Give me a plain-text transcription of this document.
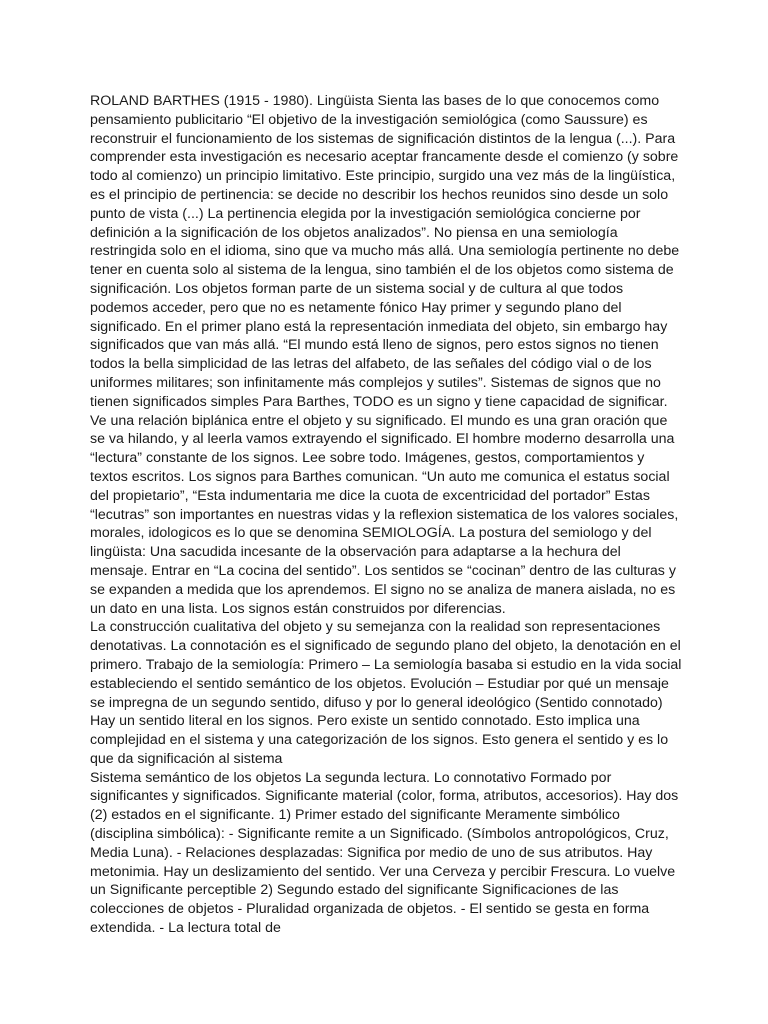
ROLAND BARTHES (1915 - 1980). Lingüista Sienta las bases de lo que conocemos como pensamiento publicitario “El objetivo de la investigación semiológica (como Saussure) es reconstruir el funcionamiento de los sistemas de significación distintos de la lengua (...). Para comprender esta investigación es necesario aceptar francamente desde el comienzo (y sobre todo al comienzo) un principio limitativo. Este principio, surgido una vez más de la lingüística, es el principio de pertinencia: se decide no describir los hechos reunidos sino desde un solo punto de vista (...) La pertinencia elegida por la investigación semiológica concierne por definición a la significación de los objetos analizados”. No piensa en una semiología restringida solo en el idioma, sino que va mucho más allá. Una semiología pertinente no debe tener en cuenta solo al sistema de la lengua, sino también el de los objetos como sistema de significación. Los objetos forman parte de un sistema social y de cultura al que todos podemos acceder, pero que no es netamente fónico Hay primer y segundo plano del significado. En el primer plano está la representación inmediata del objeto, sin embargo hay significados que van más allá. “El mundo está lleno de signos, pero estos signos no tienen todos la bella simplicidad de las letras del alfabeto, de las señales del código vial o de los uniformes militares; son infinitamente más complejos y sutiles”. Sistemas de signos que no tienen significados simples Para Barthes, TODO es un signo y tiene capacidad de significar. Ve una relación biplánica entre el objeto y su significado. El mundo es una gran oración que se va hilando, y al leerla vamos extrayendo el significado. El hombre moderno desarrolla una “lectura” constante de los signos. Lee sobre todo. Imágenes, gestos, comportamientos y textos escritos. Los signos para Barthes comunican. “Un auto me comunica el estatus social del propietario”, “Esta indumentaria me dice la cuota de excentricidad del portador” Estas “lecutras” son importantes en nuestras vidas y la reflexion sistematica de los valores sociales, morales, idologicos es lo que se denomina SEMIOLOGÍA. La postura del semiologo y del lingüista: Una sacudida incesante de la observación para adaptarse a la hechura del mensaje. Entrar en “La cocina del sentido”. Los sentidos se “cocinan” dentro de las culturas y se expanden a medida que los aprendemos. El signo no se analiza de manera aislada, no es un dato en una lista. Los signos están construidos por diferencias.

La construcción cualitativa del objeto y su semejanza con la realidad son representaciones denotativas. La connotación es el significado de segundo plano del objeto, la denotación en el primero. Trabajo de la semiología: Primero – La semiología basaba si estudio en la vida social estableciendo el sentido semántico de los objetos. Evolución – Estudiar por qué un mensaje se impregna de un segundo sentido, difuso y por lo general ideológico (Sentido connotado) Hay un sentido literal en los signos. Pero existe un sentido connotado. Esto implica una complejidad en el sistema y una categorización de los signos. Esto genera el sentido y es lo que da significación al sistema

Sistema semántico de los objetos La segunda lectura. Lo connotativo Formado por significantes y significados. Significante material (color, forma, atributos, accesorios). Hay dos (2) estados en el significante. 1) Primer estado del significante Meramente simbólico (disciplina simbólica): - Significante remite a un Significado. (Símbolos antropológicos, Cruz, Media Luna). - Relaciones desplazadas: Significa por medio de uno de sus atributos. Hay metonimia. Hay un deslizamiento del sentido. Ver una Cerveza y percibir Frescura. Lo vuelve un Significante perceptible 2) Segundo estado del significante Significaciones de las colecciones de objetos - Pluralidad organizada de objetos. - El sentido se gesta en forma extendida. - La lectura total de
